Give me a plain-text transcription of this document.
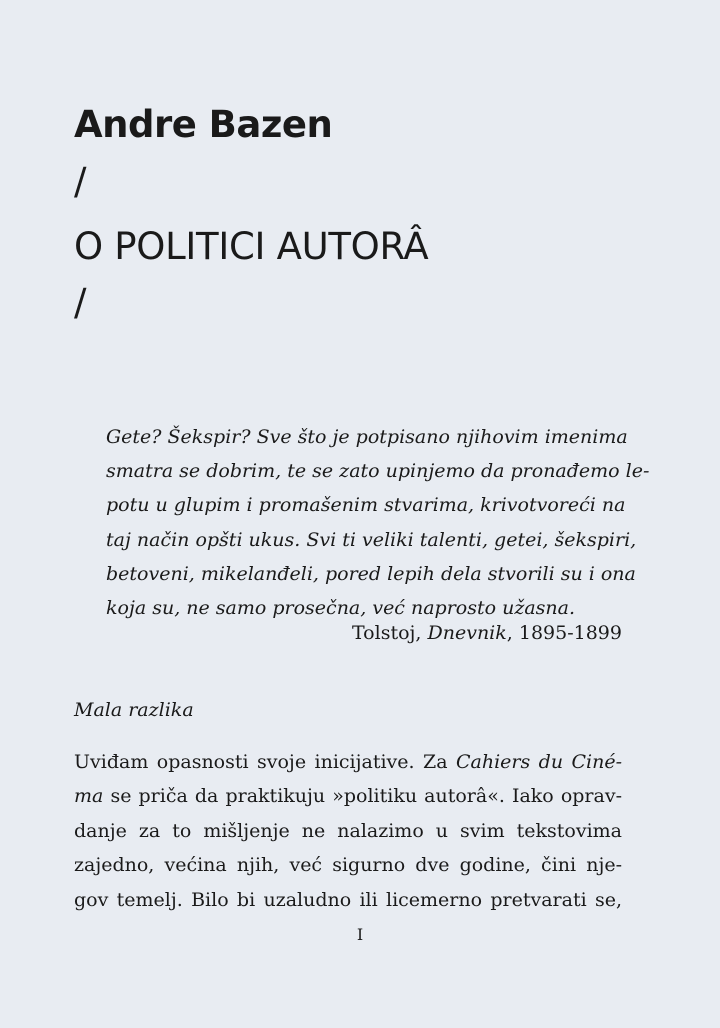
Andre Bazen
/
O POLITICI AUTORÂ
/
Gete? Šekspir? Sve što je potpisano njihovim imenima
smatra se dobrim, te se zato upinjemo da pronađemo le-
potu u glupim i promašenim stvarima, krivotvoreći na
taj način opšti ukus. Svi ti veliki talenti, getei, šekspiri,
betoveni, mikelanđeli, pored lepih dela stvorili su i ona
koja su, ne samo prosečna, već naprosto užasna.
Tolstoj, Dnevnik, 1895-1899
Mala razlika

Uviđam opasnosti svoje inicijative. Za Cahiers du Ciné-
ma se priča da praktikuju »politiku autorâ«. Iako oprav-
danje za to mišljenje ne nalazimo u svim tekstovima
zajedno, većina njih, već sigurno dve godine, čini nje-
gov temelj. Bilo bi uzaludno ili licemerno pretvarati se,

I
